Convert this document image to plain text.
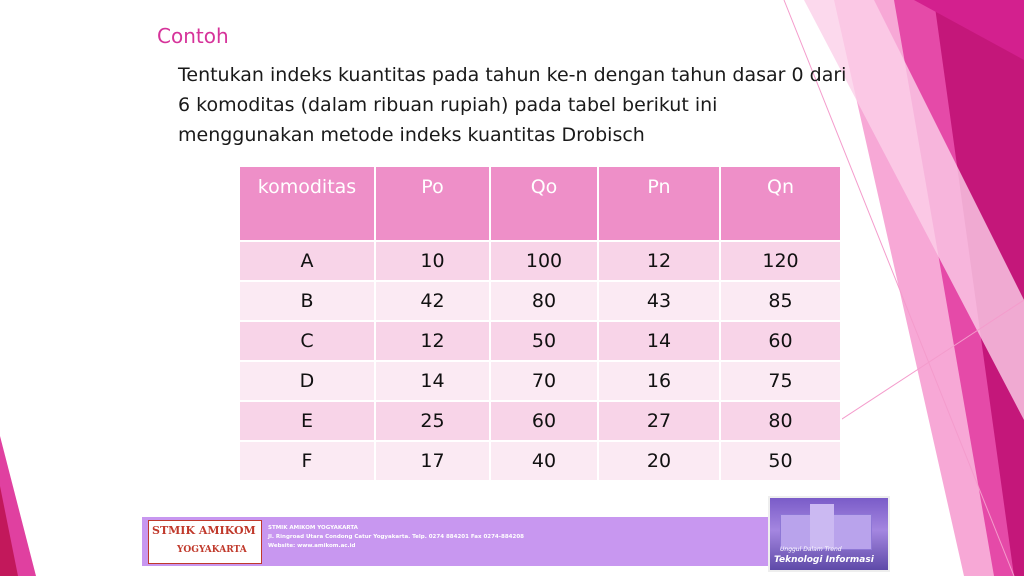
Contoh
Tentukan indeks kuantitas pada tahun ke-n dengan tahun dasar 0 dari 6 komoditas (dalam ribuan rupiah) pada tabel berikut ini menggunakan metode indeks kuantitas Drobisch
komoditas	Po	Qo	Pn	Qn
A	10	100	12	120
B	42	80	43	85
C	12	50	14	60
D	14	70	16	75
E	25	60	27	80
F	17	40	20	50
STMIK AMIKOM
YOGYAKARTA
STMIK AMIKOM YOGYAKARTA
Jl. Ringroad Utara Condong Catur Yogyakarta. Telp. 0274 884201 Fax 0274-884208
Website: www.amikom.ac.id	Unggul Dalam Trend
Teknologi Informasi
